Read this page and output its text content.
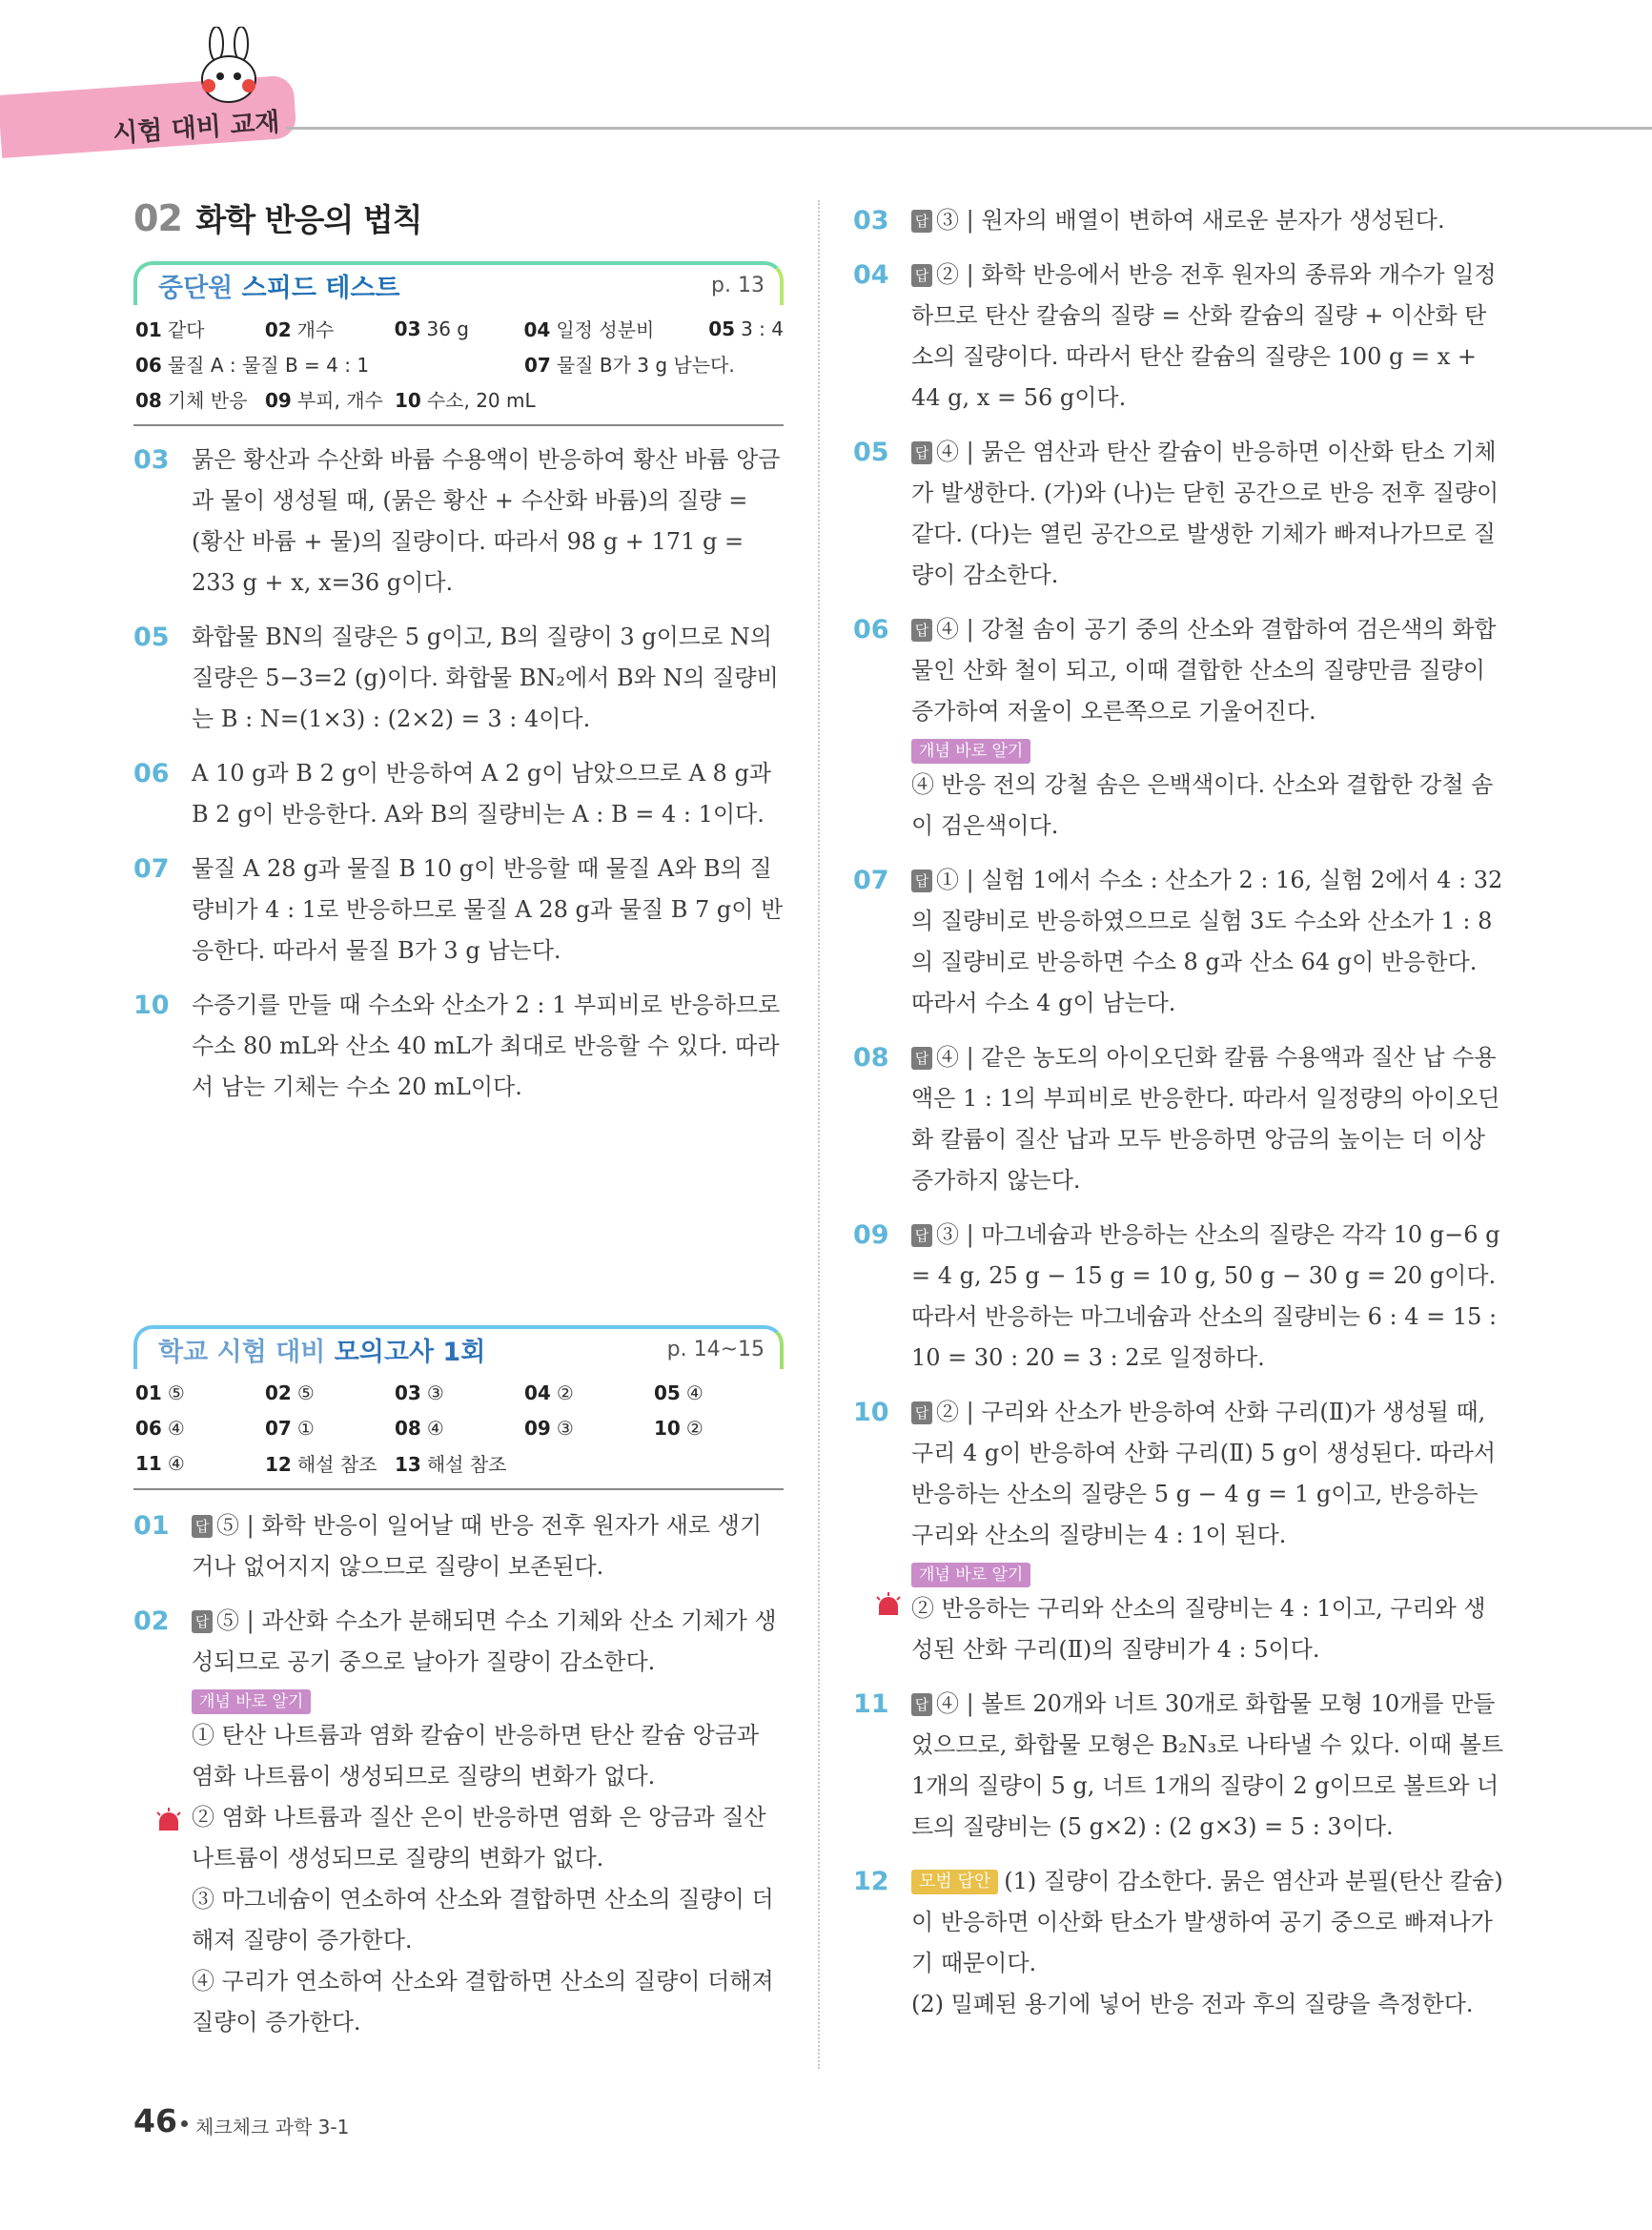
시험 대비 교재
02 화학 반응의 법칙
중단원 스피드 테스트	p. 13
01 같다	02 개수	03 36 g	04 일정 성분비	05 3 : 4
06 물질 A : 물질 B = 4 : 1	07 물질 B가 3 g 남는다.
08 기체 반응 09 부피, 개수 10 수소, 20 mL
03 묽은 황산과 수산화 바륨 수용액이 반응하여 황산 바륨 앙금과 물이 생성될 때, (묽은 황산 + 수산화 바륨)의 질량 = (황산 바륨 + 물)의 질량이다. 따라서 98 g + 171 g = 233 g + x, x=36 g이다.
05 화합물 BN의 질량은 5 g이고, B의 질량이 3 g이므로 N의 질량은 5−3=2 (g)이다. 화합물 BN₂에서 B와 N의 질량비는 B : N=(1×3) : (2×2) = 3 : 4이다.
06 A 10 g과 B 2 g이 반응하여 A 2 g이 남았으므로 A 8 g과 B 2 g이 반응한다. A와 B의 질량비는 A : B = 4 : 1이다.
07 물질 A 28 g과 물질 B 10 g이 반응할 때 물질 A와 B의 질량비가 4 : 1로 반응하므로 물질 A 28 g과 물질 B 7 g이 반응한다. 따라서 물질 B가 3 g 남는다.
10 수증기를 만들 때 수소와 산소가 2 : 1 부피비로 반응하므로 수소 80 mL와 산소 40 mL가 최대로 반응할 수 있다. 따라서 남는 기체는 수소 20 mL이다.
학교 시험 대비 모의고사 1회	p. 14~15
01 ⑤	02 ⑤	03 ③	04 ②	05 ④
06 ④	07 ①	08 ④	09 ③	10 ②
11 ④	12 해설 참조 13 해설 참조
01 답 ⑤ | 화학 반응이 일어날 때 반응 전후 원자가 새로 생기거나 없어지지 않으므로 질량이 보존된다.
02 답 ⑤ | 과산화 수소가 분해되면 수소 기체와 산소 기체가 생성되므로 공기 중으로 날아가 질량이 감소한다.
개념 바로 알기
① 탄산 나트륨과 염화 칼슘이 반응하면 탄산 칼슘 앙금과 염화 나트륨이 생성되므로 질량의 변화가 없다.
② 염화 나트륨과 질산 은이 반응하면 염화 은 앙금과 질산 나트륨이 생성되므로 질량의 변화가 없다.
③ 마그네슘이 연소하여 산소와 결합하면 산소의 질량이 더해져 질량이 증가한다.
④ 구리가 연소하여 산소와 결합하면 산소의 질량이 더해져 질량이 증가한다.
03 답 ③ | 원자의 배열이 변하여 새로운 분자가 생성된다.
04 답 ② | 화학 반응에서 반응 전후 원자의 종류와 개수가 일정하므로 탄산 칼슘의 질량 = 산화 칼슘의 질량 + 이산화 탄소의 질량이다. 따라서 탄산 칼슘의 질량은 100 g = x + 44 g, x = 56 g이다.
05 답 ④ | 묽은 염산과 탄산 칼슘이 반응하면 이산화 탄소 기체가 발생한다. (가)와 (나)는 닫힌 공간으로 반응 전후 질량이 같다. (다)는 열린 공간으로 발생한 기체가 빠져나가므로 질량이 감소한다.
06 답 ④ | 강철 솜이 공기 중의 산소와 결합하여 검은색의 화합물인 산화 철이 되고, 이때 결합한 산소의 질량만큼 질량이 증가하여 저울이 오른쪽으로 기울어진다.
개념 바로 알기
④ 반응 전의 강철 솜은 은백색이다. 산소와 결합한 강철 솜이 검은색이다.
07 답 ① | 실험 1에서 수소 : 산소가 2 : 16, 실험 2에서 4 : 32의 질량비로 반응하였으므로 실험 3도 수소와 산소가 1 : 8의 질량비로 반응하면 수소 8 g과 산소 64 g이 반응한다. 따라서 수소 4 g이 남는다.
08 답 ④ | 같은 농도의 아이오딘화 칼륨 수용액과 질산 납 수용액은 1 : 1의 부피비로 반응한다. 따라서 일정량의 아이오딘화 칼륨이 질산 납과 모두 반응하면 앙금의 높이는 더 이상 증가하지 않는다.
09 답 ③ | 마그네슘과 반응하는 산소의 질량은 각각 10 g−6 g = 4 g, 25 g − 15 g = 10 g, 50 g − 30 g = 20 g이다. 따라서 반응하는 마그네슘과 산소의 질량비는 6 : 4 = 15 : 10 = 30 : 20 = 3 : 2로 일정하다.
10 답 ② | 구리와 산소가 반응하여 산화 구리(Ⅱ)가 생성될 때, 구리 4 g이 반응하여 산화 구리(Ⅱ) 5 g이 생성된다. 따라서 반응하는 산소의 질량은 5 g − 4 g = 1 g이고, 반응하는 구리와 산소의 질량비는 4 : 1이 된다.
개념 바로 알기
② 반응하는 구리와 산소의 질량비는 4 : 1이고, 구리와 생성된 산화 구리(Ⅱ)의 질량비가 4 : 5이다.
11 답 ④ | 볼트 20개와 너트 30개로 화합물 모형 10개를 만들었으므로, 화합물 모형은 B₂N₃로 나타낼 수 있다. 이때 볼트 1개의 질량이 5 g, 너트 1개의 질량이 2 g이므로 볼트와 너트의 질량비는 (5 g×2) : (2 g×3) = 5 : 3이다.
12 모범 답안 (1) 질량이 감소한다. 묽은 염산과 분필(탄산 칼슘)이 반응하면 이산화 탄소가 발생하여 공기 중으로 빠져나가기 때문이다.
(2) 밀폐된 용기에 넣어 반응 전과 후의 질량을 측정한다.
46 체크체크 과학 3-1
